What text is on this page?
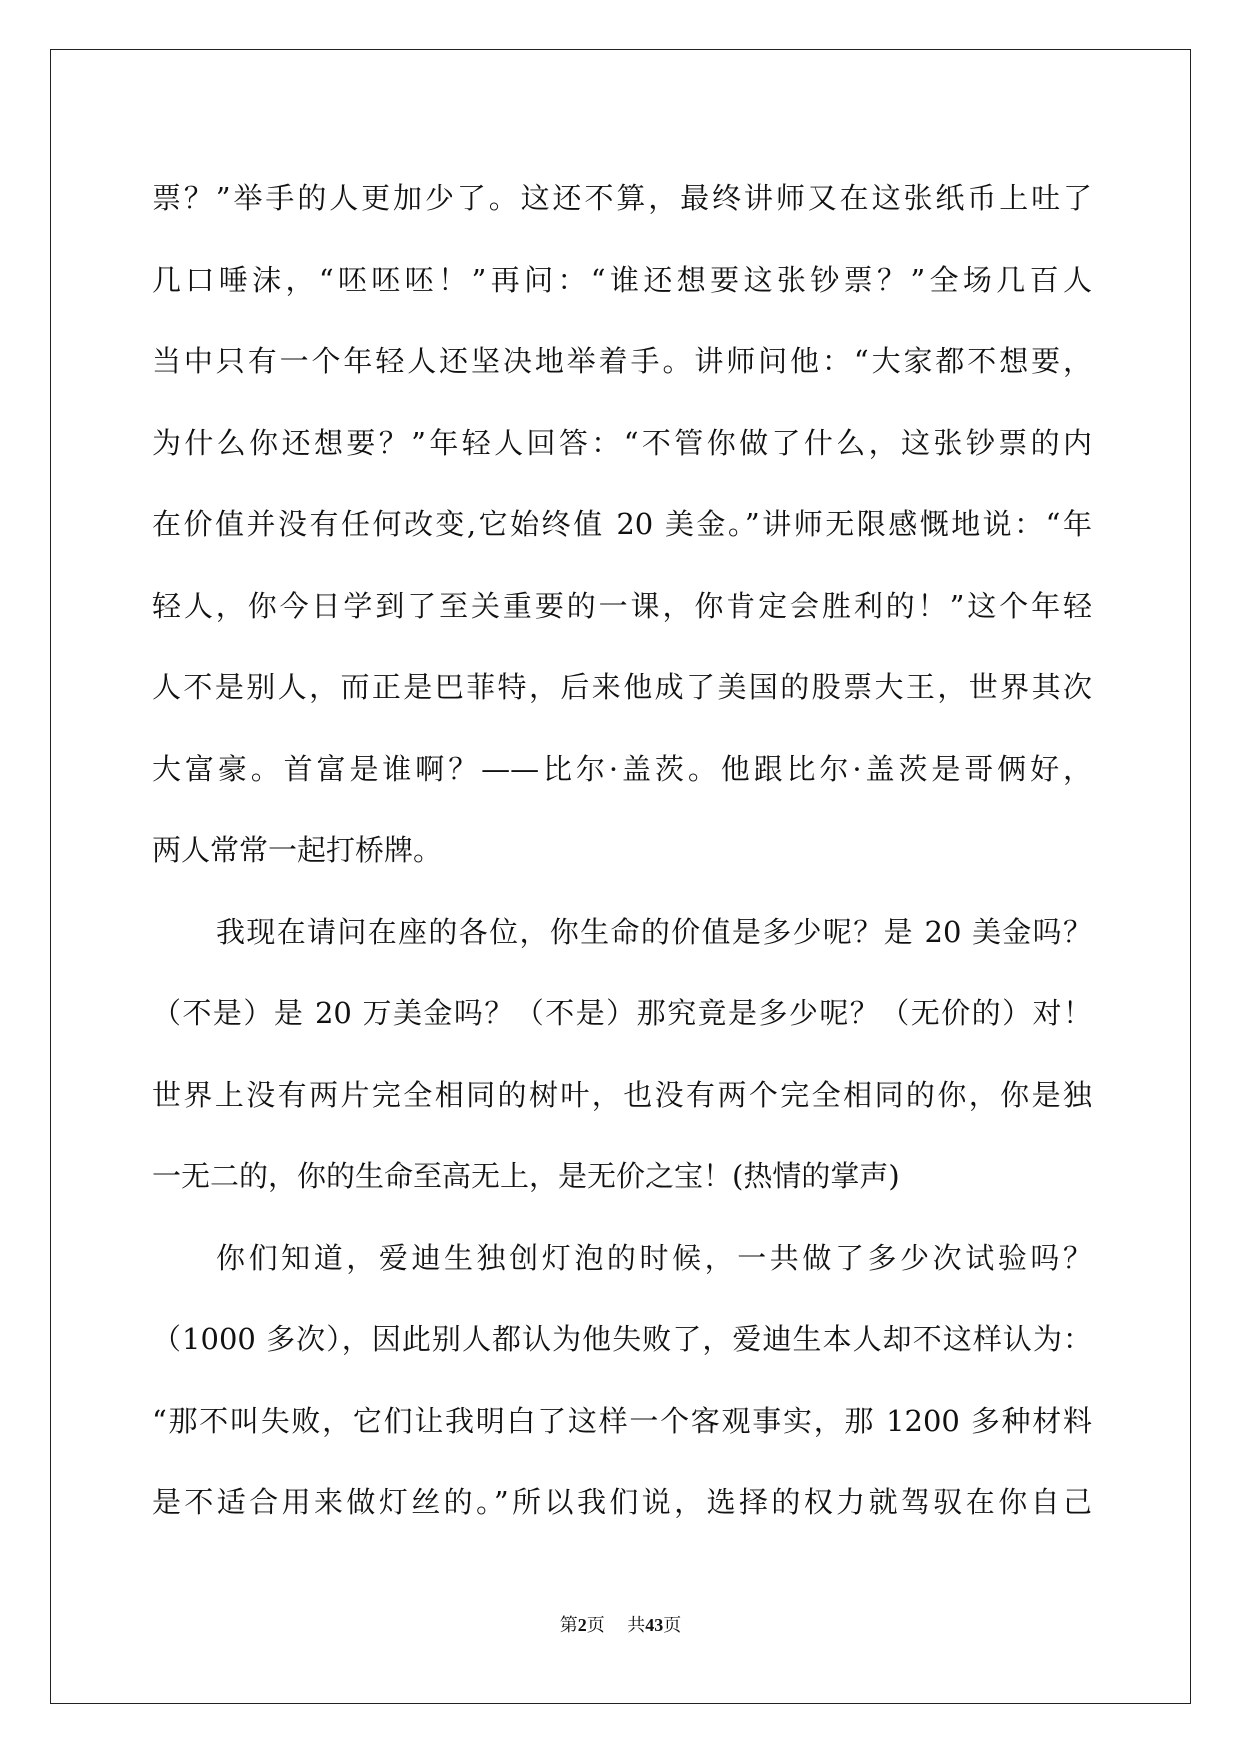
票？”举手的人更加少了。这还不算，最终讲师又在这张纸币上吐了
几口唾沫，“呸呸呸！”再问：“谁还想要这张钞票？”全场几百人
当中只有一个年轻人还坚决地举着手。讲师问他：“大家都不想要，
为什么你还想要？”年轻人回答：“不管你做了什么，这张钞票的内
在价值并没有任何改变,它始终值 20 美金。”讲师无限感慨地说：“年
轻人，你今日学到了至关重要的一课，你肯定会胜利的！”这个年轻
人不是别人，而正是巴菲特，后来他成了美国的股票大王，世界其次
大富豪。首富是谁啊？——比尔·盖茨。他跟比尔·盖茨是哥俩好，
两人常常一起打桥牌。
我现在请问在座的各位，你生命的价值是多少呢？是 20 美金吗？
（不是）是 20 万美金吗？（不是）那究竟是多少呢？（无价的）对！
世界上没有两片完全相同的树叶，也没有两个完全相同的你，你是独
一无二的，你的生命至高无上，是无价之宝！(热情的掌声)
你们知道，爱迪生独创灯泡的时候，一共做了多少次试验吗？
（1000 多次），因此别人都认为他失败了，爱迪生本人却不这样认为：
“那不叫失败，它们让我明白了这样一个客观事实，那 1200 多种材料
是不适合用来做灯丝的。”所以我们说，选择的权力就驾驭在你自己
第2页 共43页
